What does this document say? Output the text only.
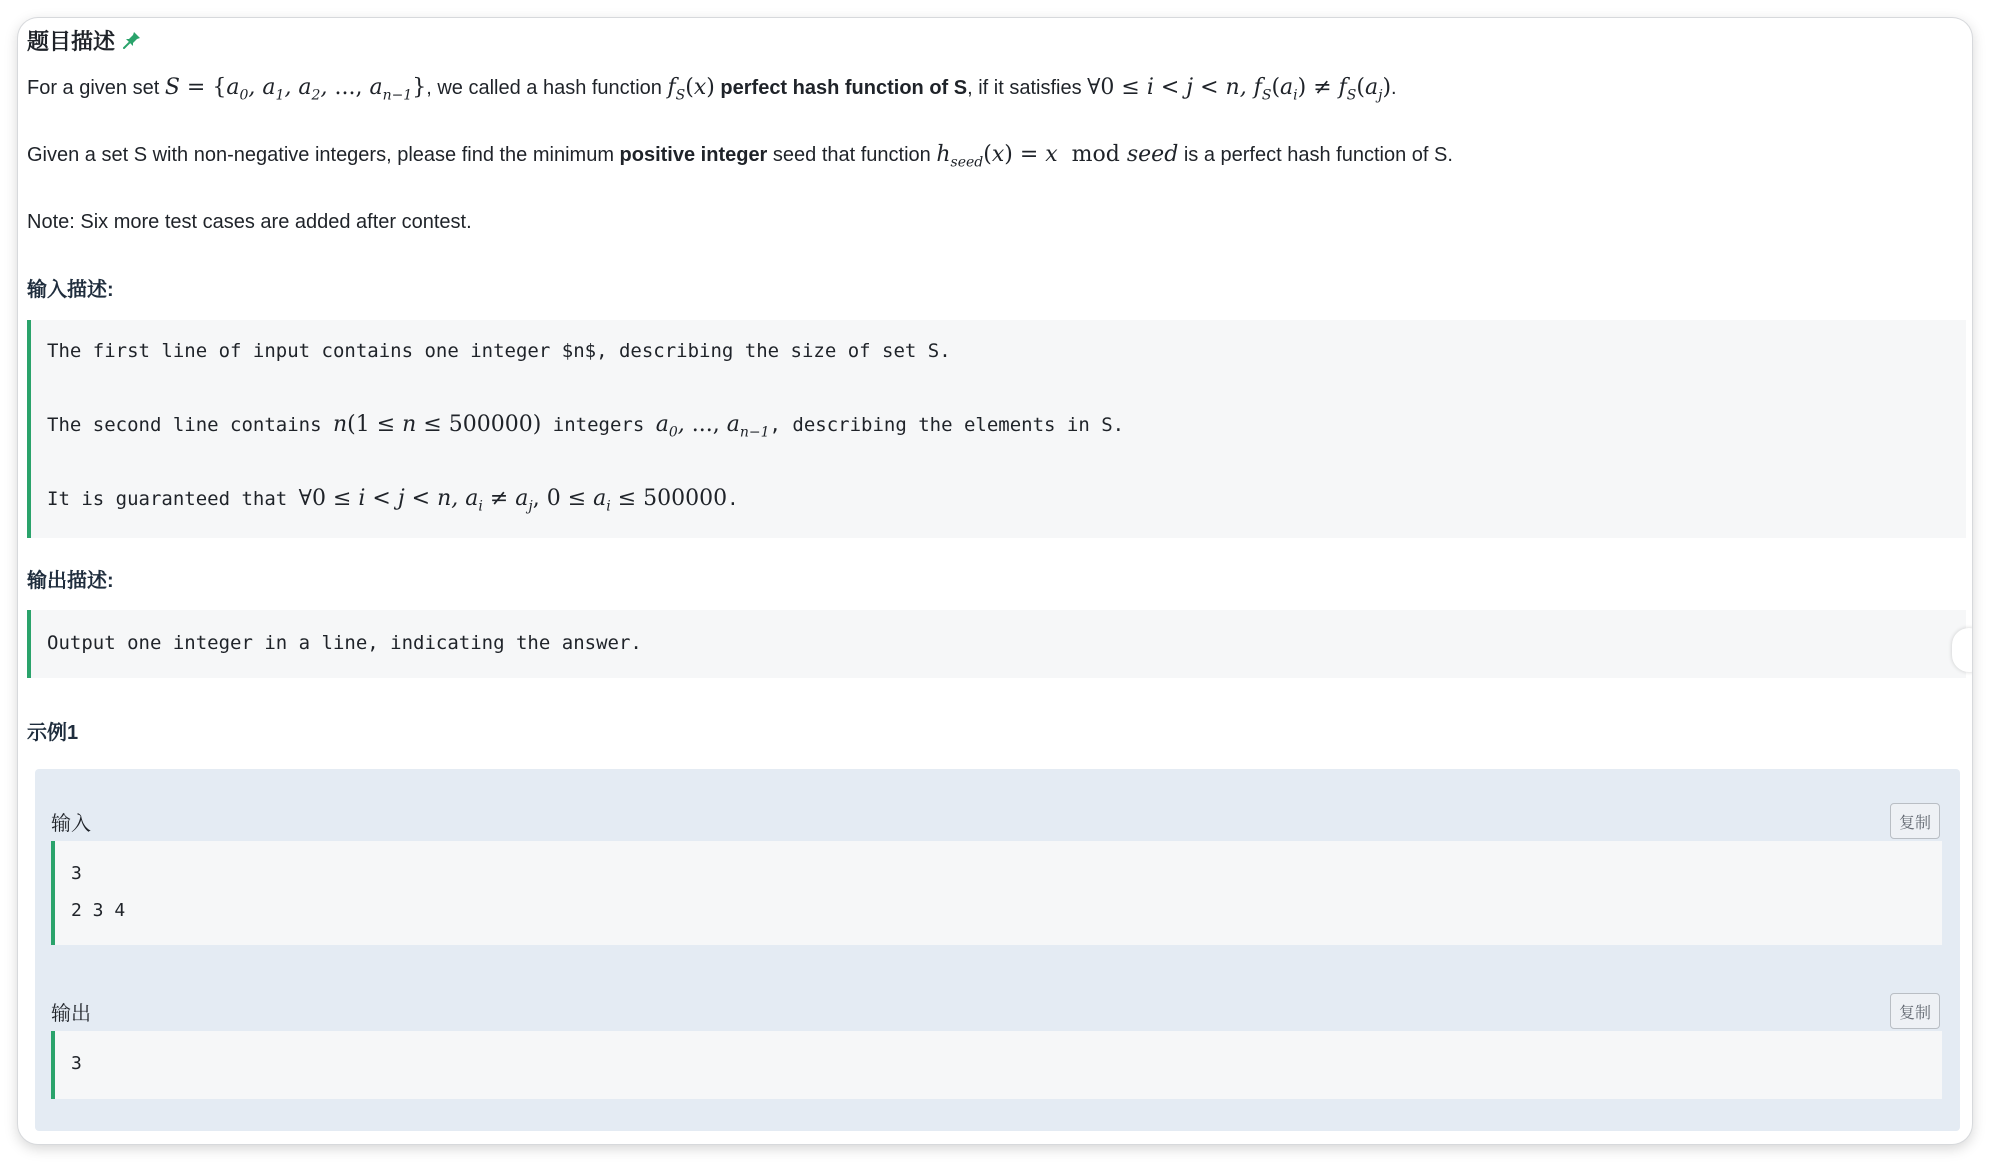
题目描述
For a given set $S = \{a_0$, $a_1$, $a_2$, ..., $a_{n-1}$}, we called a hash function $f_S(x)$ perfect hash function of S, if it satisfies ∀0 ≤ i < j < n, $f_S(a_i) \ne f_S(a_j)$.
Given a set S with non-negative integers, please find the minimum positive integer seed that function $h_{seed}(x) = x$  mod seed is a perfect hash function of S.
Note: Six more test cases are added after contest.
输入描述:
The first line of input contains one integer $n$, describing the size of set S.
The second line contains n(1 ≤ n ≤ 500000) integers $a_0$, ..., $a_{n-1}$, describing the elements in S.
It is guaranteed that ∀0 ≤ i < j < n, $a_i \ne a_j$, $0 \le a_i \le 500000$.
输出描述:
Output one integer in a line, indicating the answer.
示例1
输入	复制
3
2 3 4
输出	复制
3
